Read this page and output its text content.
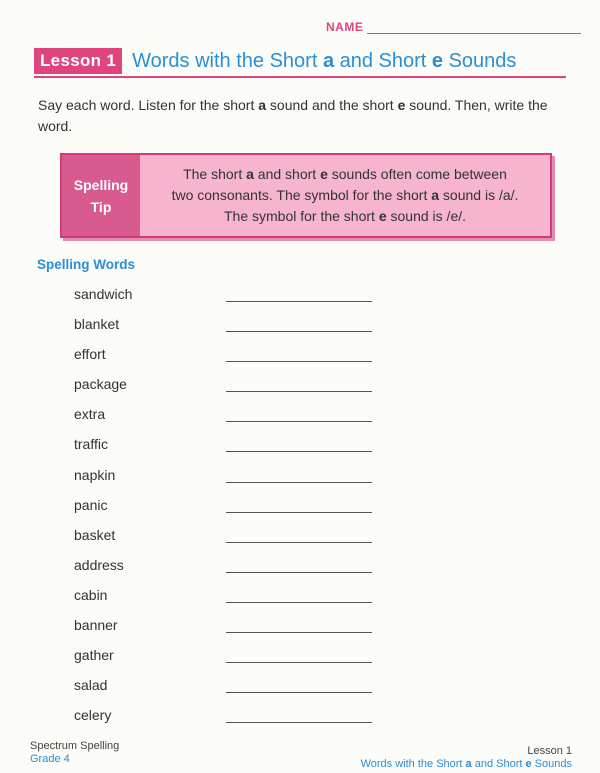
NAME
Lesson 1 Words with the Short a and Short e Sounds
Say each word. Listen for the short a sound and the short e sound. Then, write the word.
Spelling
Tip
The short a and short e sounds often come between
two consonants. The symbol for the short a sound is /a/.
The symbol for the short e sound is /e/.
Spelling Words
sandwich
blanket
effort
package
extra
traffic
napkin
panic
basket
address
cabin
banner
gather
salad
celery
Spectrum Spelling
Grade 4
Lesson 1
Words with the Short a and Short e Sounds
